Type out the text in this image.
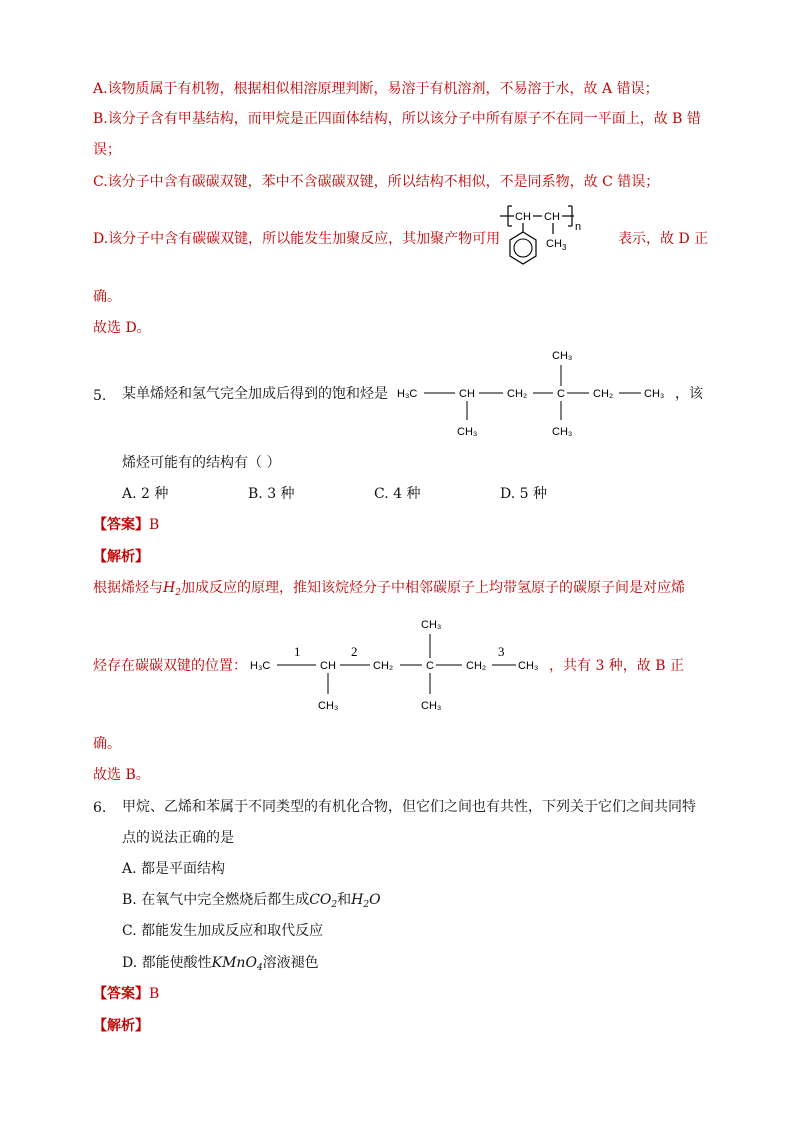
A.该物质属于有机物，根据相似相溶原理判断，易溶于有机溶剂，不易溶于水，故 A 错误；
B.该分子含有甲基结构，而甲烷是正四面体结构，所以该分子中所有原子不在同一平面上，故 B 错
误；
C.该分子中含有碳碳双键，苯中不含碳碳双键，所以结构不相似，不是同系物，故 C 错误；
D.该分子中含有碳碳双键，所以能发生加聚反应，其加聚产物可用
CH CH
n
CH 3
表示，故 D 正
确。
故选 D。
5. 某单烯烃和氢气完全加成后得到的饱和烃是 H₃C	CH
CH₃
CH₂	C
CH₃
CH₃
CH₂	CH₃ ，该
烯烃可能有的结构有（ ）
A. 2 种	B. 3 种	C. 4 种	D. 5 种
【答案】B
【解析】
根据烯烃与$H_2$加成反应的原理，推知该烷烃分子中相邻碳原子上均带氢原子的碳原子间是对应烯
烃存在碳碳双键的位置： H₃C
1
CH
2
CH₃
CH₂	C
CH₃
CH₃
CH₂
3
CH₃ ，共有 3 种，故 B 正
确。
故选 B。
6. 甲烷、乙烯和苯属于不同类型的有机化合物，但它们之间也有共性，下列关于它们之间共同特
点的说法正确的是
A. 都是平面结构
B. 在氧气中完全燃烧后都生成$CO_2$和$H_2O$
C. 都能发生加成反应和取代反应
D. 都能使酸性KMnO$_4$溶液褪色
【答案】B
【解析】
